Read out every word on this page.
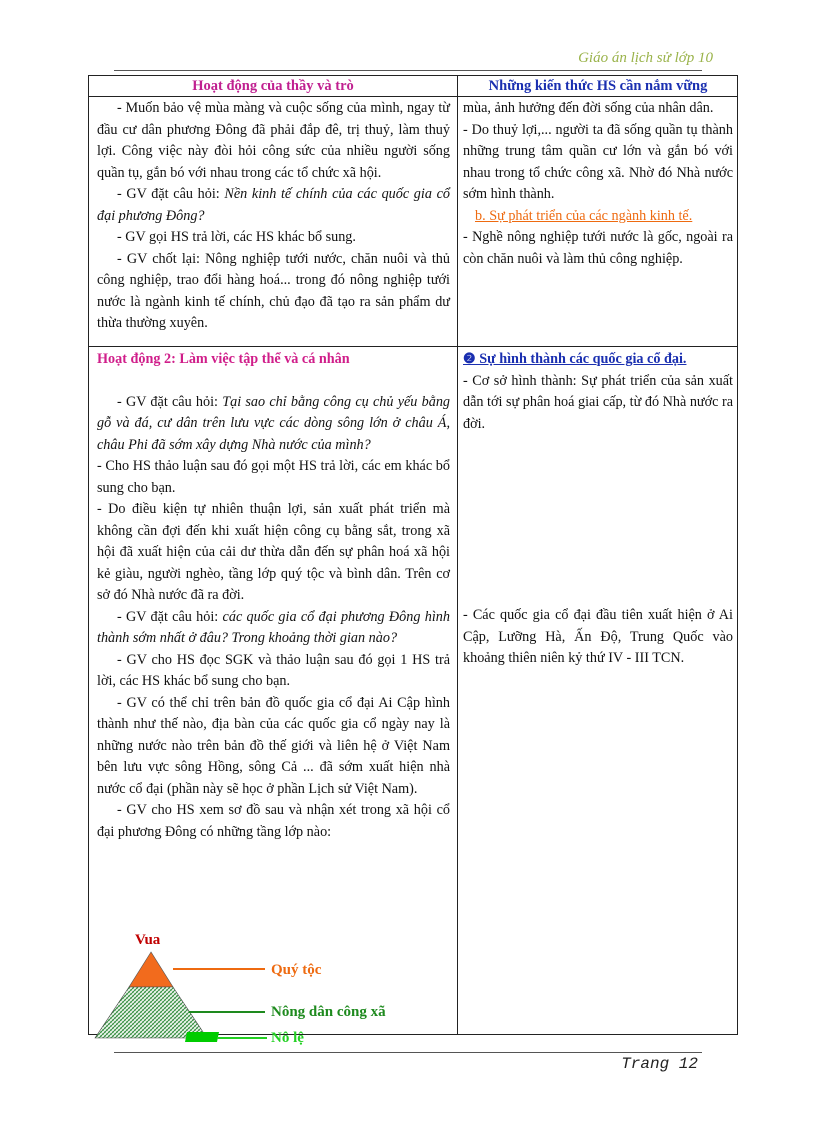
Giáo án lịch sử lớp 10
Hoạt động của thầy và trò	Những kiến thức HS cần nắm vững

- Muốn bảo vệ mùa màng và cuộc sống của mình, ngay từ đầu cư dân phương Đông đã phải đắp đê, trị thuỷ, làm thuỷ lợi. Công việc này đòi hỏi công sức của nhiều người sống quần tụ, gắn bó với nhau trong các tổ chức xã hội.

- GV đặt câu hỏi: Nền kinh tế chính của các quốc gia cổ đại phương Đông?

- GV gọi HS trả lời, các HS khác bổ sung.

- GV chốt lại: Nông nghiệp tưới nước, chăn nuôi và thủ công nghiệp, trao đổi hàng hoá... trong đó nông nghiệp tưới nước là ngành kinh tế chính, chủ đạo đã tạo ra sản phẩm dư thừa thường xuyên.

mùa, ảnh hưởng đến đời sống của nhân dân.

- Do thuỷ lợi,... người ta đã sống quần tụ thành những trung tâm quần cư lớn và gắn bó với nhau trong tổ chức công xã. Nhờ đó Nhà nước sớm hình thành.

b. Sự phát triển của các ngành kinh tế.

- Nghề nông nghiệp tưới nước là gốc, ngoài ra còn chăn nuôi và làm thủ công nghiệp.

Hoạt động 2: Làm việc tập thể và cá nhân

- GV đặt câu hỏi: Tại sao chỉ bằng công cụ chủ yếu bằng gỗ và đá, cư dân trên lưu vực các dòng sông lớn ở châu Á, châu Phi đã sớm xây dựng Nhà nước của mình?

- Cho HS thảo luận sau đó gọi một HS trả lời, các em khác bổ sung cho bạn.

- Do điều kiện tự nhiên thuận lợi, sản xuất phát triển mà không cần đợi đến khi xuất hiện công cụ bằng sắt, trong xã hội đã xuất hiện của cải dư thừa dẫn đến sự phân hoá xã hội kẻ giàu, người nghèo, tầng lớp quý tộc và bình dân. Trên cơ sở đó Nhà nước đã ra đời.

- GV đặt câu hỏi: các quốc gia cổ đại phương Đông hình thành sớm nhất ở đâu? Trong khoảng thời gian nào?

- GV cho HS đọc SGK và thảo luận sau đó gọi 1 HS trả lời, các HS khác bổ sung cho bạn.

- GV có thể chỉ trên bản đồ quốc gia cổ đại Ai Cập hình thành như thế nào, địa bàn của các quốc gia cổ ngày nay là những nước nào trên bản đồ thế giới và liên hệ ở Việt Nam bên lưu vực sông Hồng, sông Cả ... đã sớm xuất hiện nhà nước cổ đại (phần này sẽ học ở phần Lịch sử Việt Nam).

- GV cho HS xem sơ đồ sau và nhận xét trong xã hội cổ đại phương Đông có những tầng lớp nào:

❷ Sự hình thành các quốc gia cổ đại.

- Cơ sở hình thành: Sự phát triển của sản xuất dẫn tới sự phân hoá giai cấp, từ đó Nhà nước ra đời.

- Các quốc gia cổ đại đầu tiên xuất hiện ở Ai Cập, Lưỡng Hà, Ấn Độ, Trung Quốc vào khoảng thiên niên kỷ thứ IV - III TCN.

Vua
Quý tộc
Nông dân công xã
Nô lệ
Trang 12
